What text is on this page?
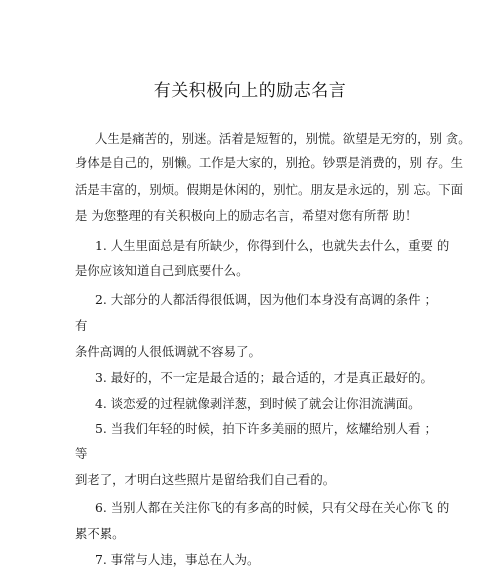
有关积极向上的励志名言
人生是痛苦的，别迷。活着是短暂的，别慌。欲望是无穷的，别 贪。
身体是自己的，别懒。工作是大家的，别抢。钞票是消费的，别 存。生
活是丰富的，别烦。假期是休闲的，别忙。朋友是永远的，别 忘。下面
是 为您整理的有关积极向上的励志名言，希望对您有所帮 助！
1. 人生里面总是有所缺少，你得到什么，也就失去什么，重要 的
是你应该知道自己到底要什么。
2. 大部分的人都活得很低调，因为他们本身没有高调的条件 ；
有
条件高调的人很低调就不容易了。
3. 最好的，不一定是最合适的；最合适的，才是真正最好的。
4. 谈恋爱的过程就像剥洋葱，到时候了就会让你泪流满面。
5. 当我们年轻的时候，拍下许多美丽的照片，炫耀给别人看 ；
等
到老了，才明白这些照片是留给我们自己看的。
6. 当别人都在关注你飞的有多高的时候，只有父母在关心你飞 的
累不累。
7. 事常与人违，事总在人为。
